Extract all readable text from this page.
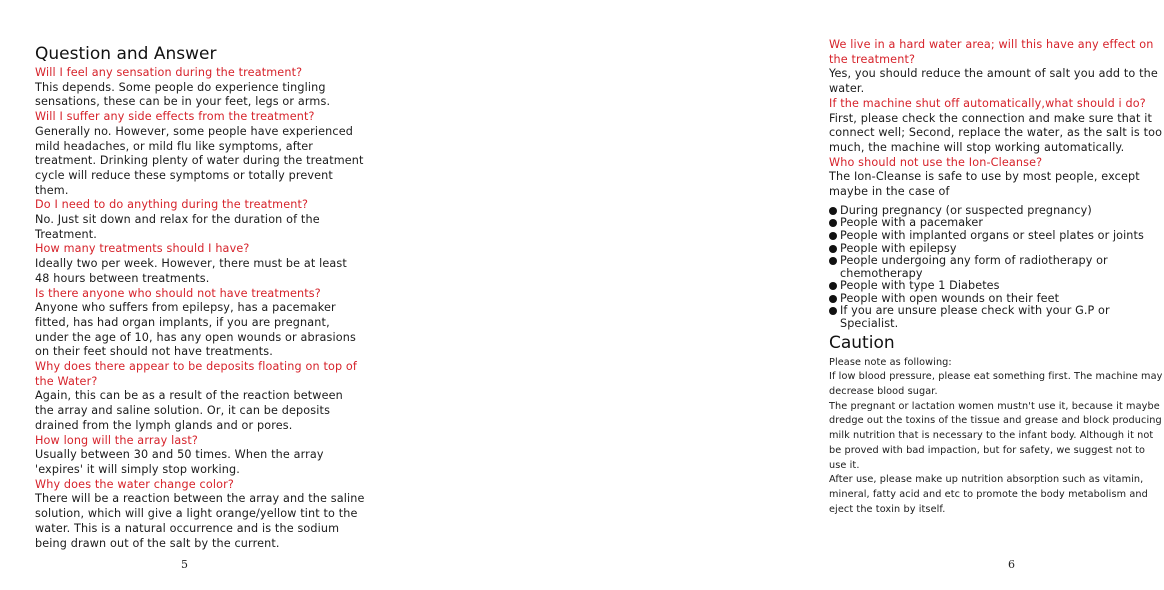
Question and Answer
Will I feel any sensation during the treatment?
This depends. Some people do experience tingling sensations, these can be in your feet, legs or arms.
Will I suffer any side effects from the treatment?
Generally no. However, some people have experienced mild headaches, or mild flu like symptoms, after treatment. Drinking plenty of water during the treatment cycle will reduce these symptoms or totally prevent them.
Do I need to do anything during the treatment?
No. Just sit down and relax for the duration of the Treatment.
How many treatments should I have?
Ideally two per week. However, there must be at least 48 hours between treatments.
Is there anyone who should not have treatments?
Anyone who suffers from epilepsy, has a pacemaker fitted, has had organ implants, if you are pregnant, under the age of 10, has any open wounds or abrasions on their feet should not have treatments.
Why does there appear to be deposits floating on top of the Water?
Again, this can be as a result of the reaction between the array and saline solution. Or, it can be deposits drained from the lymph glands and or pores.
How long will the array last?
Usually between 30 and 50 times. When the array 'expires' it will simply stop working.
Why does the water change color?
There will be a reaction between the array and the saline solution, which will give a light orange/yellow tint to the water. This is a natural occurrence and is the sodium being drawn out of the salt by the current.
5
We live in a hard water area; will this have any effect on the treatment?
Yes, you should reduce the amount of salt you add to the water.
If the machine shut off automatically,what should i do?
First, please check the connection and make sure that it connect well; Second, replace the water, as the salt is too much, the machine will stop working automatically.
Who should not use the Ion-Cleanse?
The Ion-Cleanse is safe to use by most people, except maybe in the case of
During pregnancy (or suspected pregnancy)
People with a pacemaker
People with implanted organs or steel plates or joints
People with epilepsy
People undergoing any form of radiotherapy or chemotherapy
People with type 1 Diabetes
People with open wounds on their feet
If you are unsure please check with your G.P or Specialist.
Caution
Please note as following:
If low blood pressure, please eat something first. The machine may decrease blood sugar.
The pregnant or lactation women mustn't use it, because it maybe dredge out the toxins of the tissue and grease and block producing milk nutrition that is necessary to the infant body. Although it not be proved with bad impaction, but for safety, we suggest not to use it.
After use, please make up nutrition absorption such as vitamin, mineral, fatty acid and etc to promote the body metabolism and eject the toxin by itself.
6
